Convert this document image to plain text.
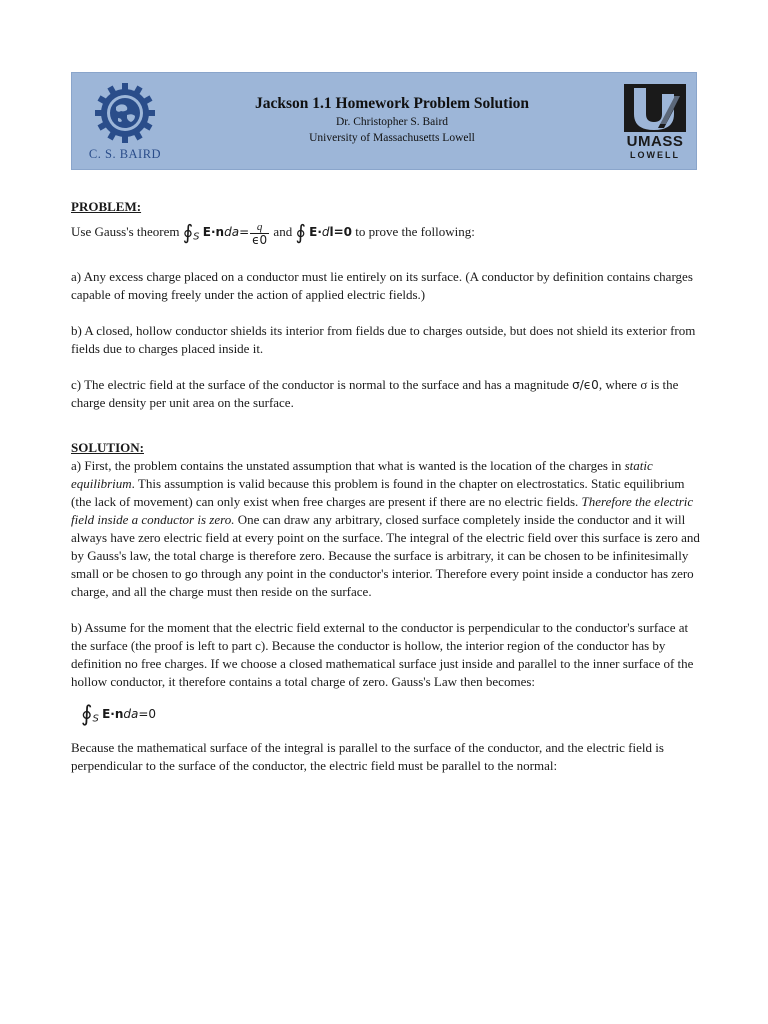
C. S. BAIRD
Jackson 1.1 Homework Problem Solution
Dr. Christopher S. Baird
University of Massachusetts Lowell	UMASS
LOWELL

PROBLEM:

Use Gauss's theorem $∮_S$ $E\cdot nda= \frac{q}{\epsilon 0}$ and ∮ E·dl=0 to prove the following:

a) Any excess charge placed on a conductor must lie entirely on its surface. (A conductor by definition contains charges capable of moving freely under the action of applied electric fields.)

b) A closed, hollow conductor shields its interior from fields due to charges outside, but does not shield its exterior from fields due to charges placed inside it.

c) The electric field at the surface of the conductor is normal to the surface and has a magnitude σ/ϵ0, where σ is the charge density per unit area on the surface.

SOLUTION:

a) First, the problem contains the unstated assumption that what is wanted is the location of the charges in static equilibrium. This assumption is valid because this problem is found in the chapter on electrostatics. Static equilibrium (the lack of movement) can only exist when free charges are present if there are no electric fields. Therefore the electric field inside a conductor is zero. One can draw any arbitrary, closed surface completely inside the conductor and it will always have zero electric field at every point on the surface. The integral of the electric field over this surface is zero and by Gauss's law, the total charge is therefore zero. Because the surface is arbitrary, it can be chosen to be infinitesimally small or be chosen to go through any point in the conductor's interior. Therefore every point inside a conductor has zero charge, and all the charge must then reside on the surface.

b) Assume for the moment that the electric field external to the conductor is perpendicular to the conductor's surface at the surface (the proof is left to part c). Because the conductor is hollow, the interior region of the conductor has by definition no free charges. If we choose a closed mathematical surface just inside and parallel to the inner surface of the hollow conductor, it therefore contains a total charge of zero. Gauss's Law then becomes:

$∮_S$ E·nda=0

Because the mathematical surface of the integral is parallel to the surface of the conductor, and the electric field is perpendicular to the surface of the conductor, the electric field must be parallel to the normal:
